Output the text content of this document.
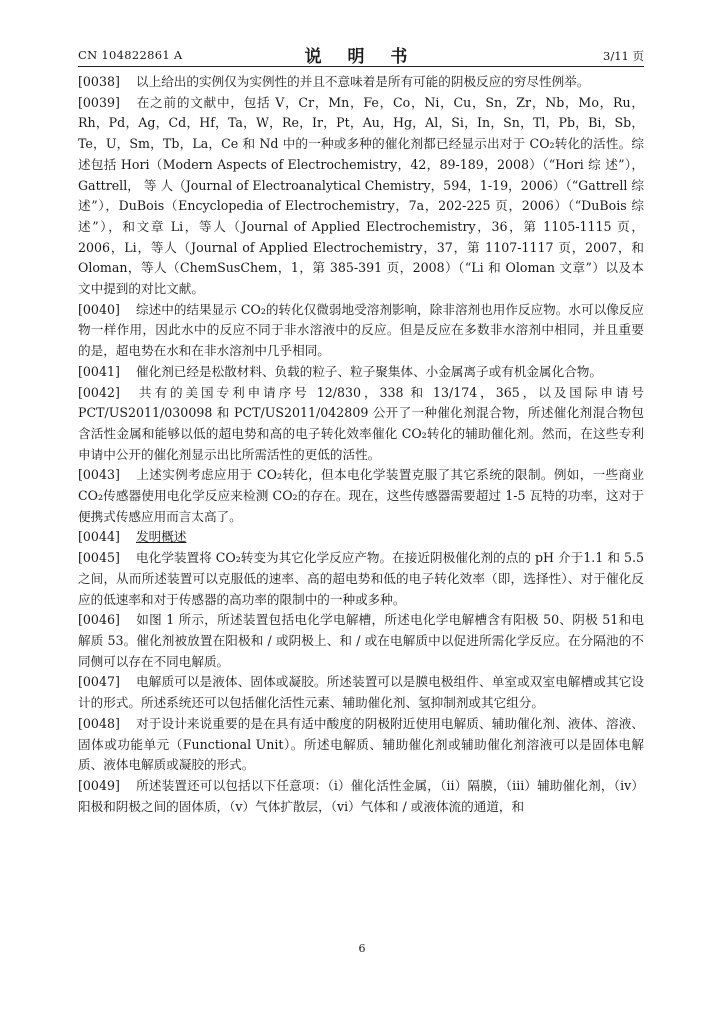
CN 104822861 A	说 明 书	3/11 页

[0038] 以上给出的实例仅为实例性的并且不意味着是所有可能的阴极反应的穷尽性例举。

[0039] 在之前的文献中，包括 V，Cr，Mn，Fe，Co，Ni，Cu，Sn，Zr，Nb，Mo，Ru，Rh，Pd，Ag，Cd，Hf，Ta，W，Re，Ir，Pt，Au，Hg，Al，Si，In，Sn，Tl，Pb，Bi，Sb，Te，U，Sm，Tb，La，Ce 和 Nd 中的一种或多种的催化剂都已经显示出对于 CO₂转化的活性。综述包括 Hori（Modern Aspects of Electrochemistry，42，89-189，2008）（“Hori 综 述”），Gattrell， 等 人（Journal of Electroanalytical Chemistry，594，1-19，2006）（“Gattrell 综 述”），DuBois（Encyclopedia of Electrochemistry，7a，202-225 页，2006）（“DuBois 综述”），和文章 Li，等人（Journal of Applied Electrochemistry，36，第 1105-1115 页，2006，Li，等人（Journal of Applied Electrochemistry，37，第 1107-1117 页，2007，和 Oloman，等人（ChemSusChem，1，第 385-391 页，2008）（“Li 和 Oloman 文章”）以及本文中提到的对比文献。

[0040] 综述中的结果显示 CO₂的转化仅微弱地受溶剂影响，除非溶剂也用作反应物。水可以像反应物一样作用，因此水中的反应不同于非水溶液中的反应。但是反应在多数非水溶剂中相同，并且重要的是，超电势在水和在非水溶剂中几乎相同。

[0041] 催化剂已经是松散材料、负载的粒子、粒子聚集体、小金属离子或有机金属化合物。

[0042] 共有的美国专利申请序号 12/830，338 和 13/174，365，以及国际申请号 PCT/US2011/030098 和 PCT/US2011/042809 公开了一种催化剂混合物，所述催化剂混合物包含活性金属和能够以低的超电势和高的电子转化效率催化 CO₂转化的辅助催化剂。然而，在这些专利申请中公开的催化剂显示出比所需活性的更低的活性。

[0043] 上述实例考虑应用于 CO₂转化，但本电化学装置克服了其它系统的限制。例如，一些商业 CO₂传感器使用电化学反应来检测 CO₂的存在。现在，这些传感器需要超过 1-5 瓦特的功率，这对于便携式传感应用而言太高了。

[0044] 发明概述

[0045] 电化学装置将 CO₂转变为其它化学反应产物。在接近阴极催化剂的点的 pH 介于1.1 和 5.5 之间，从而所述装置可以克服低的速率、高的超电势和低的电子转化效率（即，选择性）、对于催化反应的低速率和对于传感器的高功率的限制中的一种或多种。

[0046] 如图 1 所示，所述装置包括电化学电解槽，所述电化学电解槽含有阳极 50、阴极 51和电解质 53。催化剂被放置在阳极和 / 或阴极上、和 / 或在电解质中以促进所需化学反应。在分隔池的不同侧可以存在不同电解质。

[0047] 电解质可以是液体、固体或凝胶。所述装置可以是膜电极组件、单室或双室电解槽或其它设计的形式。所述系统还可以包括催化活性元素、辅助催化剂、氢抑制剂或其它组分。

[0048] 对于设计来说重要的是在具有适中酸度的阴极附近使用电解质、辅助催化剂、液体、溶液、固体或功能单元（Functional Unit）。所述电解质、辅助催化剂或辅助催化剂溶液可以是固体电解质、液体电解质或凝胶的形式。

[0049] 所述装置还可以包括以下任意项：（i）催化活性金属，（ii）隔膜，（iii）辅助催化剂，（iv）阳极和阴极之间的固体质，（v）气体扩散层，（vi）气体和 / 或液体流的通道，和

6
